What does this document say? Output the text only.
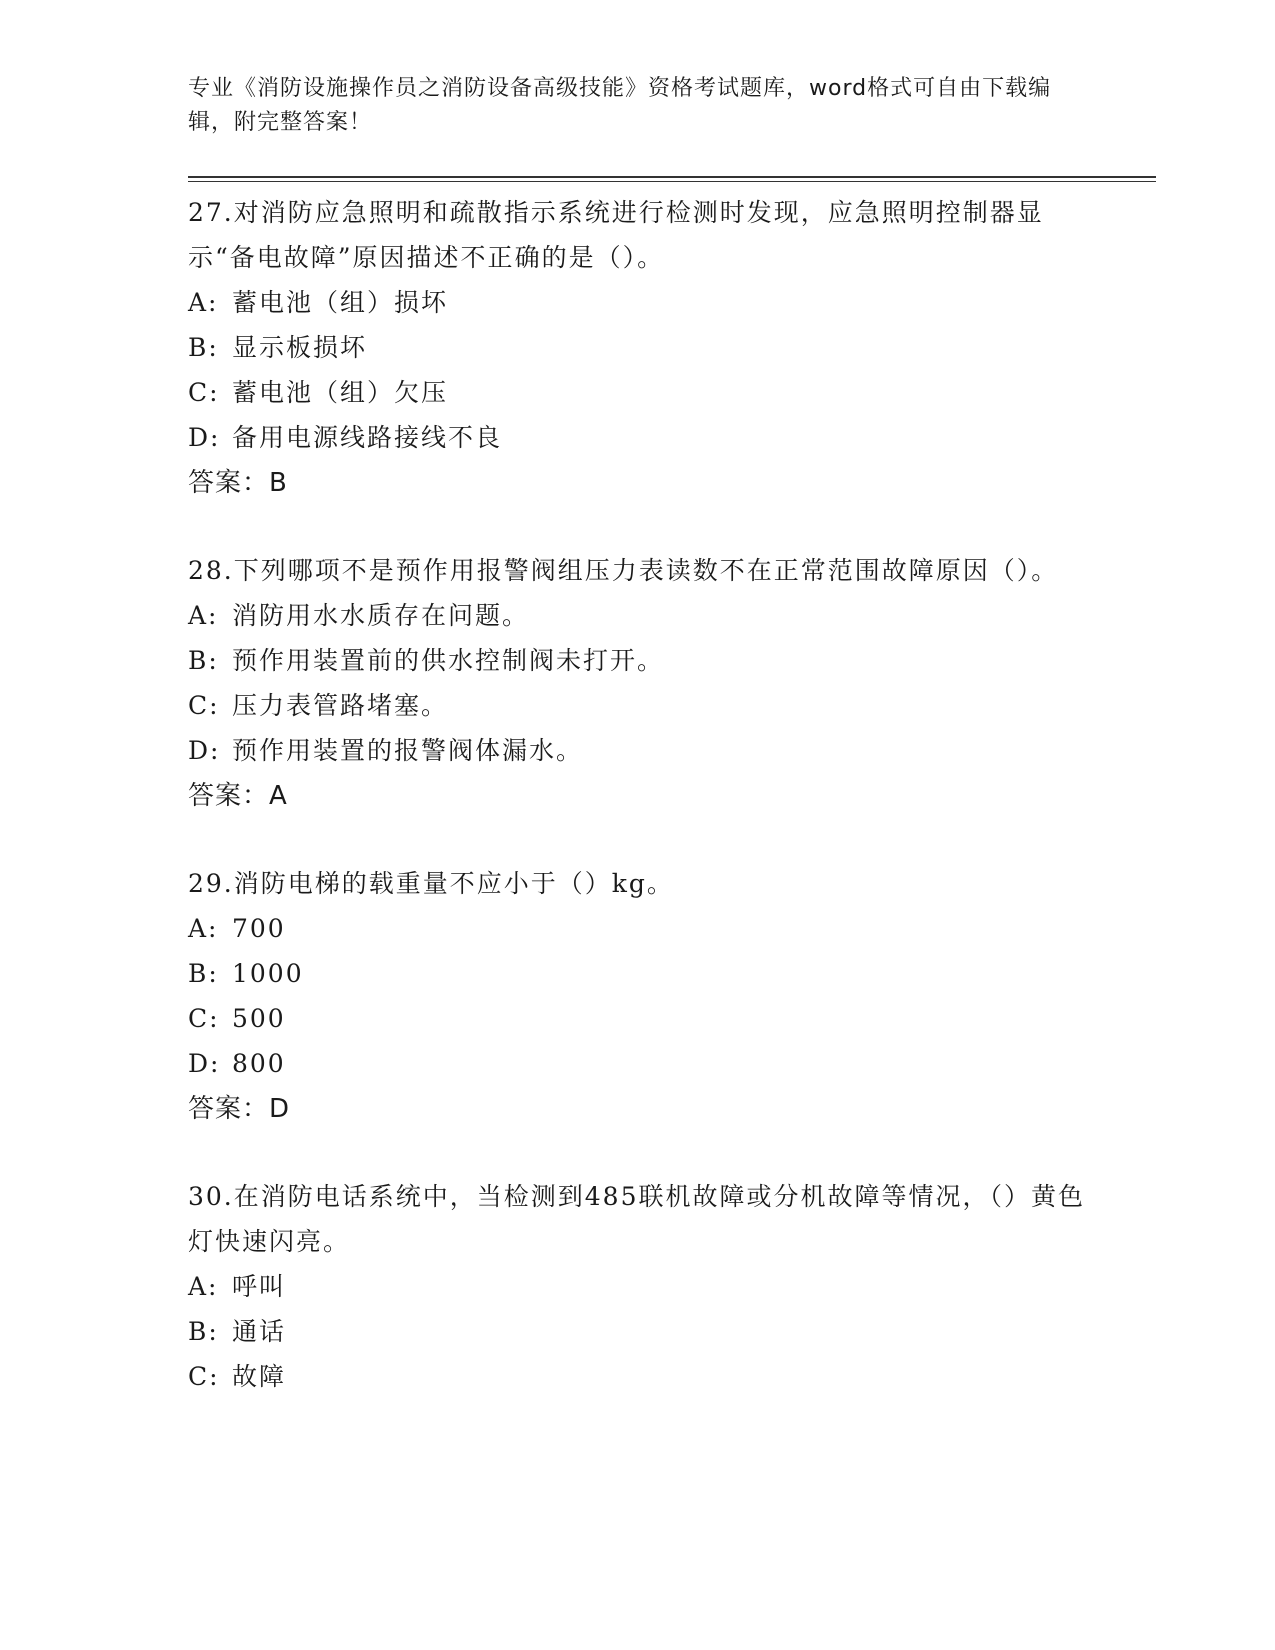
专业《消防设施操作员之消防设备高级技能》资格考试题库，word格式可自由下载编辑，附完整答案！

27.对消防应急照明和疏散指示系统进行检测时发现，应急照明控制器显示“备电故障”原因描述不正确的是（）。

A: 蓄电池（组）损坏

B: 显示板损坏

C: 蓄电池（组）欠压

D: 备用电源线路接线不良

答案：B

28.下列哪项不是预作用报警阀组压力表读数不在正常范围故障原因（）。

A: 消防用水水质存在问题。

B: 预作用装置前的供水控制阀未打开。

C: 压力表管路堵塞。

D: 预作用装置的报警阀体漏水。

答案：A

29.消防电梯的载重量不应小于（）kg。

A: 700

B: 1000

C: 500

D: 800

答案：D

30.在消防电话系统中，当检测到485联机故障或分机故障等情况，（）黄色灯快速闪亮。

A: 呼叫

B: 通话

C: 故障
